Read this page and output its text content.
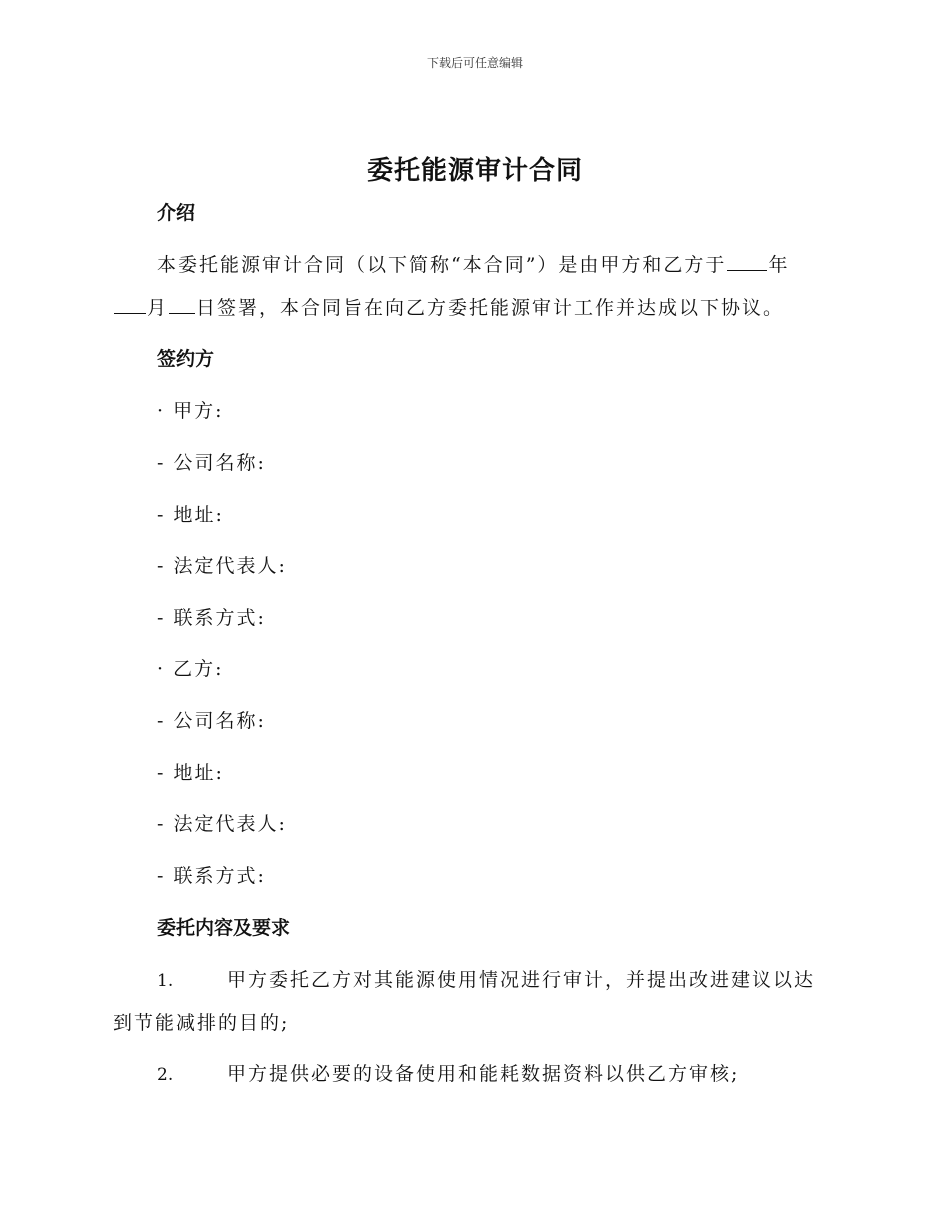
下载后可任意编辑
委托能源审计合同
介绍
本委托能源审计合同（以下简称“本合同”）是由甲方和乙方于 年
月 日签署，本合同旨在向乙方委托能源审计工作并达成以下协议。
签约方
· 甲方:
- 公司名称:
- 地址:
- 法定代表人:
- 联系方式:
· 乙方:
- 公司名称:
- 地址:
- 法定代表人:
- 联系方式:
委托内容及要求
1.	甲方委托乙方对其能源使用情况进行审计，并提出改进建议以达
到节能减排的目的;
2.	甲方提供必要的设备使用和能耗数据资料以供乙方审核;
